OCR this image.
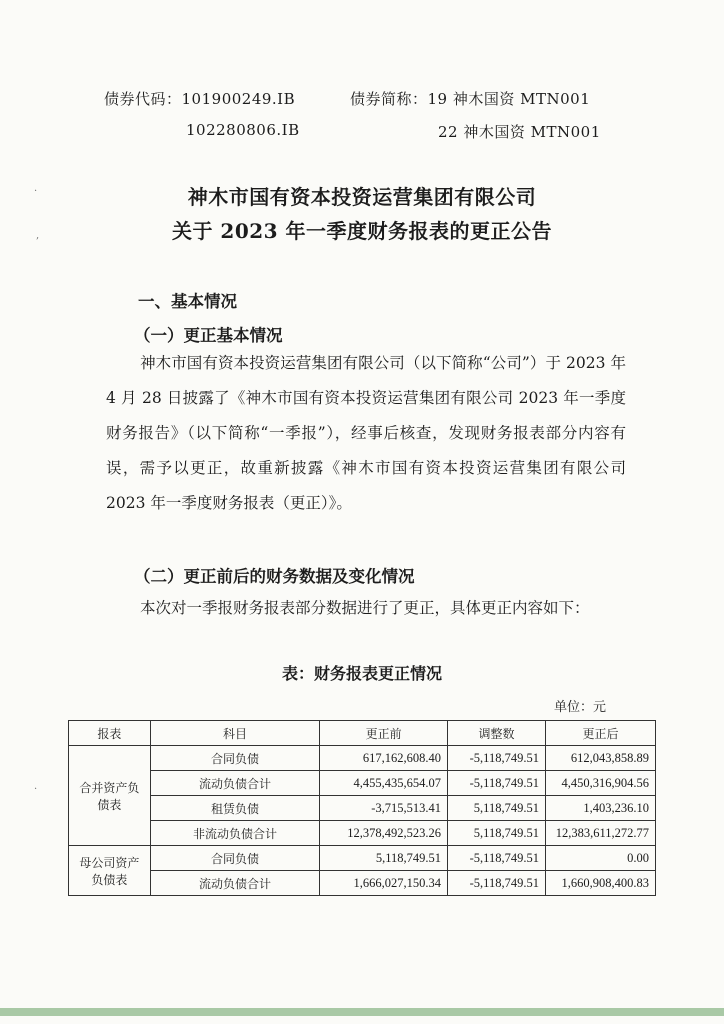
债券代码：101900249.IB	债券简称：19 神木国资 MTN001
102280806.IB	22 神木国资 MTN001
神木市国有资本投资运营集团有限公司
关于 2023 年一季度财务报表的更正公告
一、基本情况
（一）更正基本情况
神木市国有资本投资运营集团有限公司（以下简称“公司”）于 2023 年 4 月 28 日披露了《神木市国有资本投资运营集团有限公司 2023 年一季度财务报告》（以下简称“一季报”），经事后核查，发现财务报表部分内容有误，需予以更正，故重新披露《神木市国有资本投资运营集团有限公司 2023 年一季度财务报表（更正）》。
（二）更正前后的财务数据及变化情况
本次对一季报财务报表部分数据进行了更正，具体更正内容如下：
表：财务报表更正情况
单位：元
报表	科目	更正前	调整数	更正后
合并资产负债表	合同负债	617,162,608.40	-5,118,749.51	612,043,858.89
	流动负债合计	4,455,435,654.07	-5,118,749.51	4,450,316,904.56
	租赁负债	-3,715,513.41	5,118,749.51	1,403,236.10
	非流动负债合计	12,378,492,523.26	5,118,749.51	12,383,611,272.77
母公司资产负债表	合同负债	5,118,749.51	-5,118,749.51	0.00
	流动负债合计	1,666,027,150.34	-5,118,749.51	1,660,908,400.83
·
,
·
